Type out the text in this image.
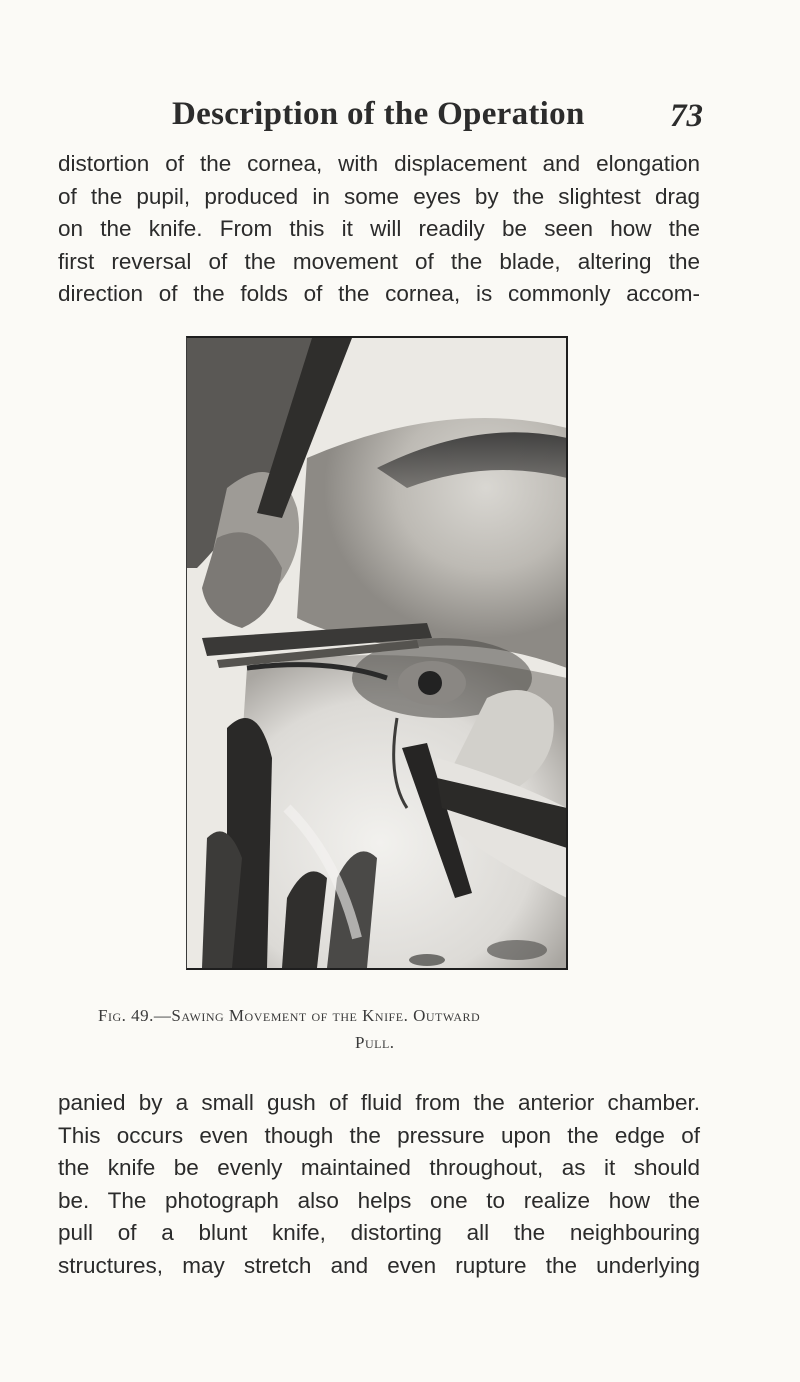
Description of the Operation	73
distortion of the cornea, with displacement and elongation
of the pupil, produced in some eyes by the slightest drag
on the knife. From this it will readily be seen how the
first reversal of the movement of the blade, altering the
direction of the folds of the cornea, is commonly accom-
Fig. 49.—Sawing Movement of the Knife. Outward
Pull.
panied by a small gush of fluid from the anterior chamber.
This occurs even though the pressure upon the edge of
the knife be evenly maintained throughout, as it should
be. The photograph also helps one to realize how the
pull of a blunt knife, distorting all the neighbouring
structures, may stretch and even rupture the underlying
